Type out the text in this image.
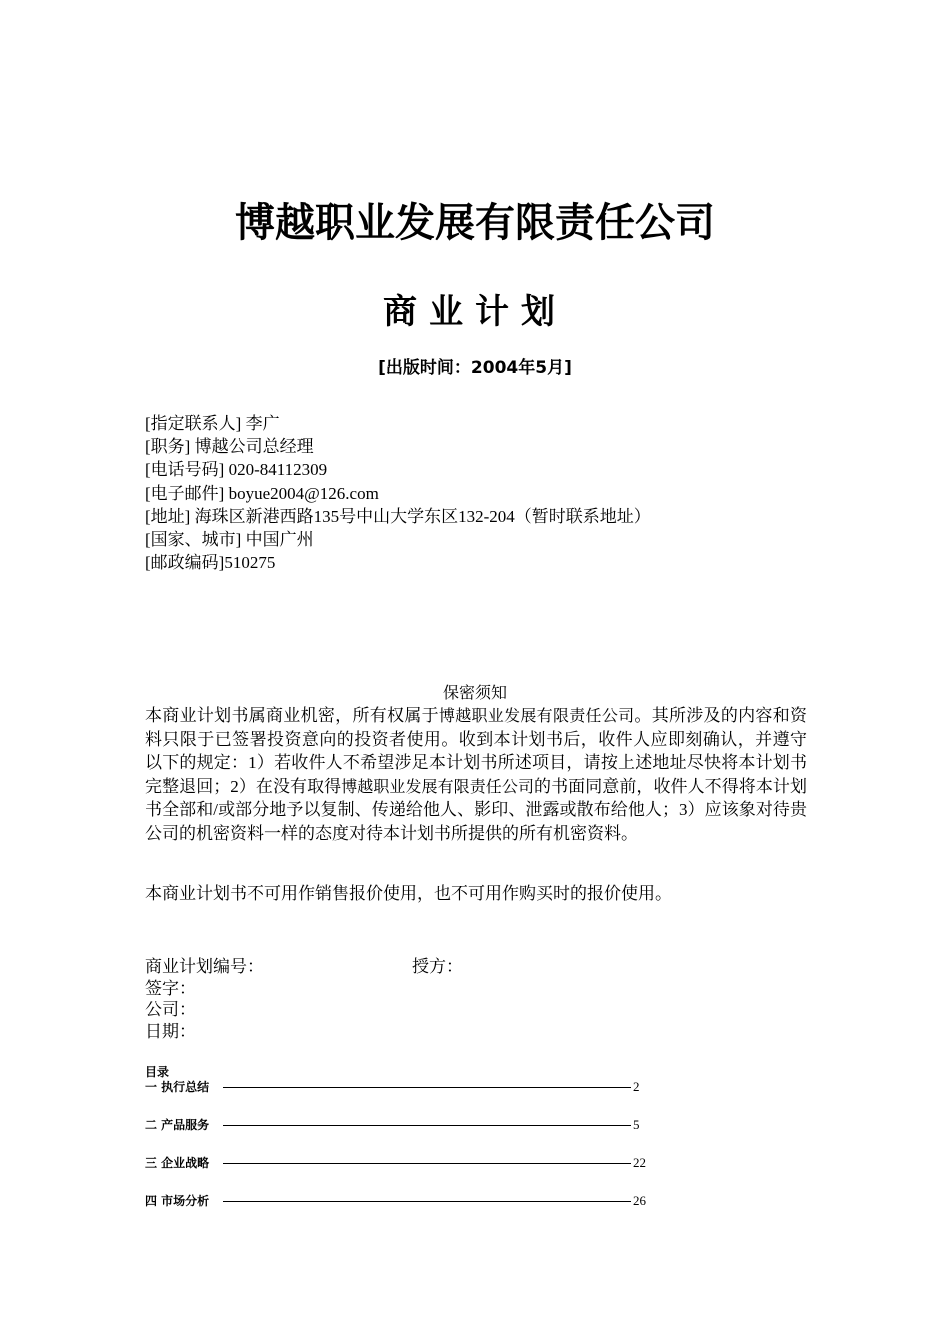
博越职业发展有限责任公司
商业计划
[出版时间：2004年5月]
[指定联系人] 李广
[职务] 博越公司总经理
[电话号码] 020-84112309
[电子邮件] boyue2004@126.com
[地址] 海珠区新港西路135号中山大学东区132-204（暂时联系地址）
[国家、城市] 中国广州
[邮政编码]510275
保密须知
本商业计划书属商业机密，所有权属于博越职业发展有限责任公司。其所涉及的内容和资料只限于已签署投资意向的投资者使用。收到本计划书后，收件人应即刻确认，并遵守以下的规定：1）若收件人不希望涉足本计划书所述项目，请按上述地址尽快将本计划书完整退回；2）在没有取得博越职业发展有限责任公司的书面同意前，收件人不得将本计划书全部和/或部分地予以复制、传递给他人、影印、泄露或散布给他人；3）应该象对待贵公司的机密资料一样的态度对待本计划书所提供的所有机密资料。
本商业计划书不可用作销售报价使用，也不可用作购买时的报价使用。
商业计划编号：	授方：
签字：
公司：
日期：
目录
一 执行总结	2
二 产品服务	5
三 企业战略	22
四 市场分析	26
